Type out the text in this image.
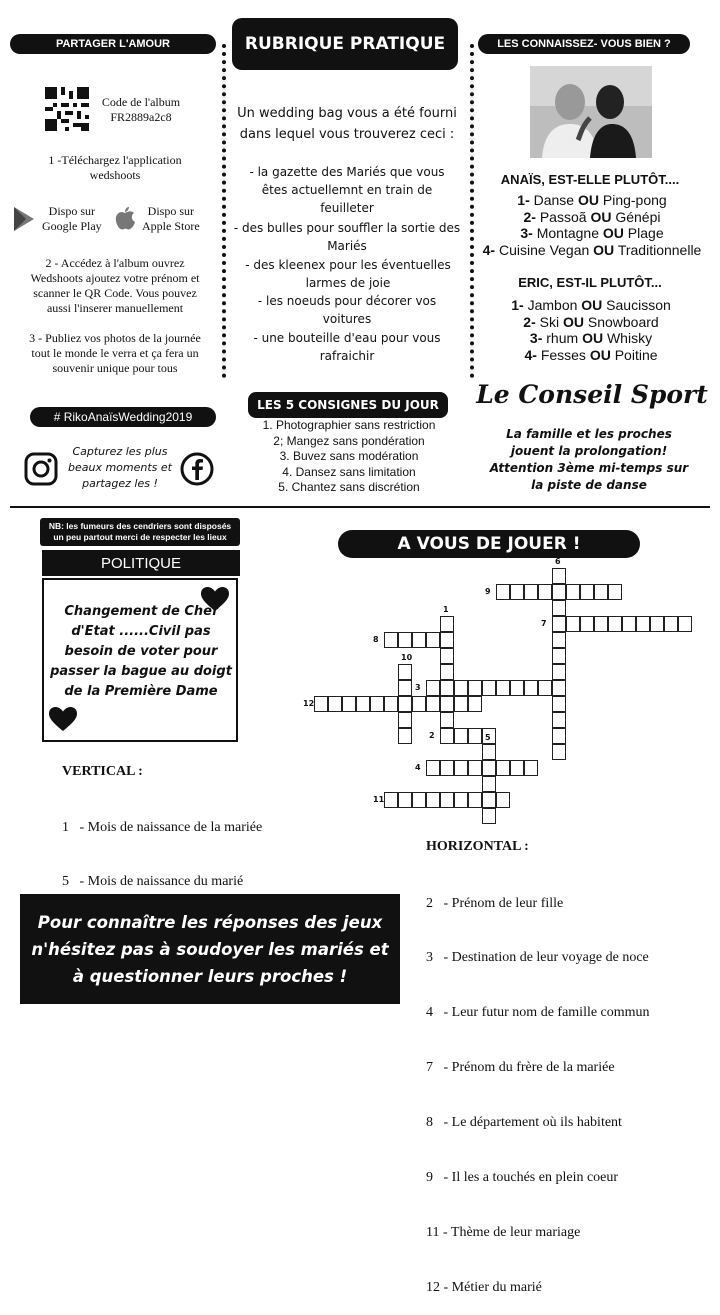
PARTAGER L'AMOUR
Code de l'album
FR2889a2c8
1 -Téléchargez l'application wedshoots
Dispo sur
Google Play
Dispo sur
Apple Store
2 - Accédez à l'album ouvrez Wedshoots ajoutez votre prénom et scanner le QR Code. Vous pouvez aussi l'inserer manuellement
3 - Publiez vos photos de la journée tout le monde le verra et ça fera un souvenir unique pour tous
# RikoAnaïsWedding2019
Capturez les plus beaux moments et partagez les !
RUBRIQUE PRATIQUE
Un wedding bag vous a été fourni dans lequel vous trouverez ceci :
- la gazette des Mariés que vous êtes actuellemnt en train de feuilleter
- des bulles pour souffler la sortie des Mariés
- des kleenex pour les éventuelles larmes de joie
- les noeuds pour décorer vos voitures
- une bouteille d'eau pour vous rafraichir
LES 5 CONSIGNES DU JOUR
1. Photographier sans restriction
2; Mangez sans pondération
3. Buvez sans modération
4. Dansez sans limitation
5. Chantez sans discrétion
LES CONNAISSEZ- VOUS BIEN ?
ANAÏS, EST-ELLE PLUTÔT....
1- Danse OU Ping-pong
2- Passoã OU Génépi
3- Montagne OU Plage
4- Cuisine Vegan OU Traditionnelle
ERIC, EST-IL PLUTÔT...
1- Jambon OU Saucisson
2- Ski OU Snowboard
3- rhum OU Whisky
4- Fesses OU Poitine
Le Conseil Sport
La famille et les proches jouent la prolongation! Attention 3ème mi-temps sur la piste de danse
NB: les fumeurs des cendriers sont disposés un peu partout merci de respecter les lieux
POLITIQUE
Changement de Chef d'Etat ......Civil pas besoin de voter pour passer la bague au doigt de la Première Dame
A VOUS DE JOUER !
9
6
7
1
8
10
3
12
2	5
4
11
VERTICAL :

1   - Mois de naissance de la mariée

5   - Mois de naissance du marié

HORIZONTAL :

2   - Prénom de leur fille

3   - Destination de leur voyage de noce

4   - Leur futur nom de famille commun

7   - Prénom du frère de la mariée

8   - Le département où ils habitent

9   - Il les a touchés en plein coeur

11 - Thème de leur mariage

12 - Métier du marié

Pour connaître les réponses des jeux n'hésitez pas à soudoyer les mariés et à questionner leurs proches !
